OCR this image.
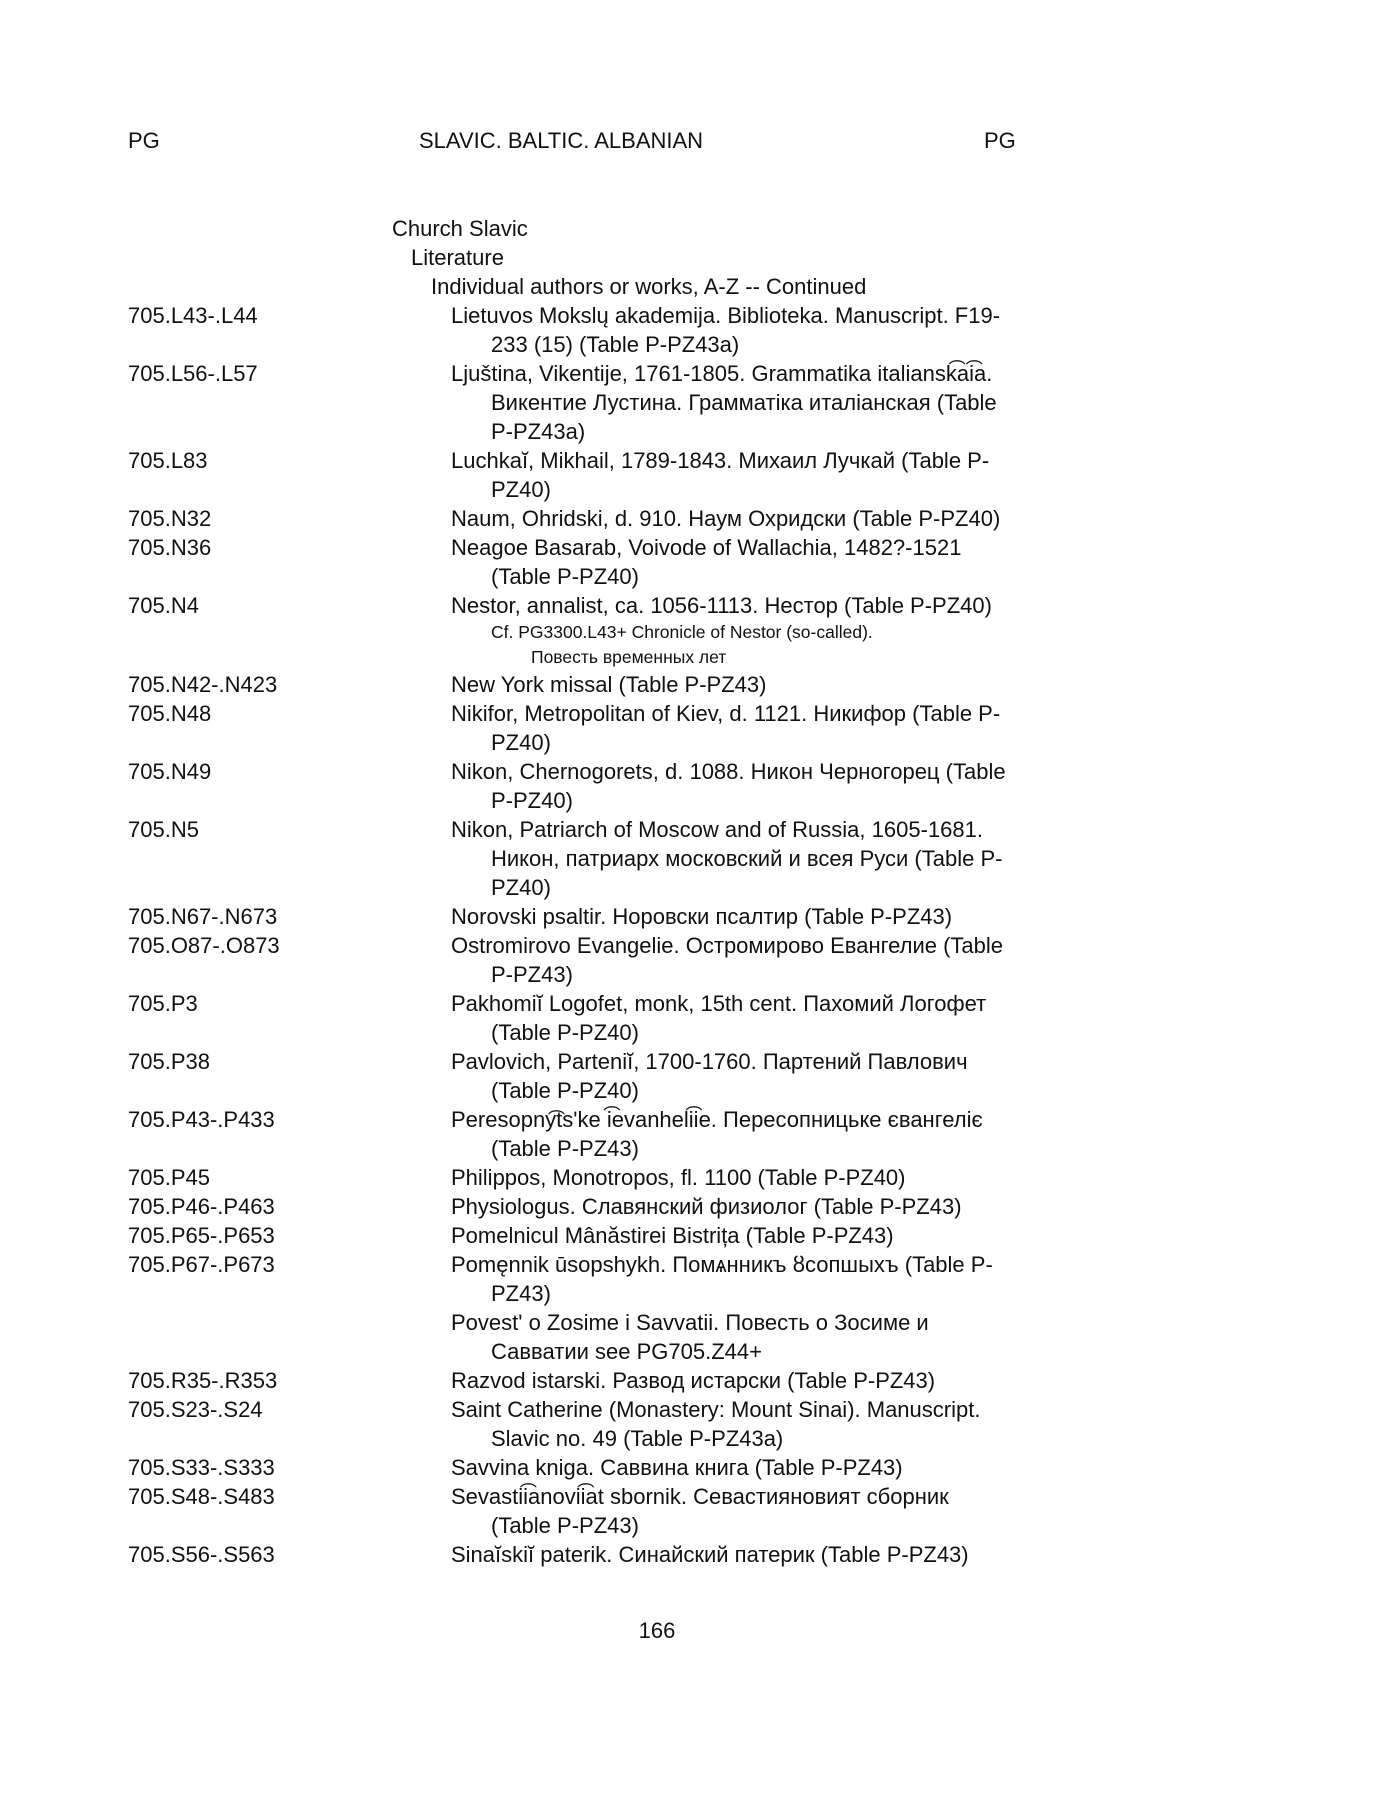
PG	SLAVIC. BALTIC. ALBANIAN	PG
Church Slavic
Literature
Individual authors or works, A-Z -- Continued
705.L43-.L44	Lietuvos Mokslų akademija. Biblioteka. Manuscript. F19-
233 (15) (Table P-PZ43a)
705.L56-.L57	Ljuština, Vikentije, 1761-1805. Grammatika italiansk͡ai͡a.
Викентие Лустина. Грамматіка италіанская (Table
P-PZ43a)
705.L83	Luchkaĭ, Mikhail, 1789-1843. Михаил Лучкай (Table P-
PZ40)
705.N32	Naum, Ohridski, d. 910. Наум Охридски (Table P-PZ40)
705.N36	Neagoe Basarab, Voivode of Wallachia, 1482?-1521
(Table P-PZ40)
705.N4	Nestor, annalist, ca. 1056-1113. Нестор (Table P-PZ40)
Cf. PG3300.L43+ Chronicle of Nestor (so-called).
Повесть временных лет
705.N42-.N423	New York missal (Table P-PZ43)
705.N48	Nikifor, Metropolitan of Kiev, d. 1121. Никифор (Table P-
PZ40)
705.N49	Nikon, Chernogorets, d. 1088. Никон Черногорец (Table
P-PZ40)
705.N5	Nikon, Patriarch of Moscow and of Russia, 1605-1681.
Никон, патриарх московский и всея Руси (Table P-
PZ40)
705.N67-.N673	Norovski psaltir. Норовски псалтир (Table P-PZ43)
705.O87-.O873	Ostromirovo Evangelie. Остромирово Евангелие (Table
P-PZ43)
705.P3	Pakhomiĭ Logofet, monk, 15th cent. Пахомий Логофет
(Table P-PZ40)
705.P38	Pavlovich, Parteniĭ, 1700-1760. Партений Павлович
(Table P-PZ40)
705.P43-.P433	Peresopny͡tsʹke i͡evanheli͡ie. Пересопницьке євангеліє
(Table P-PZ43)
705.P45	Philippos, Monotropos, fl. 1100 (Table P-PZ40)
705.P46-.P463	Physiologus. Славянский физиолог (Table P-PZ43)
705.P65-.P653	Pomelnicul Mânăstirei Bistrița (Table P-PZ43)
705.P67-.P673	Pomęnnik ūsopshykh. Помѧнникъ ȣсопшыхъ (Table P-
PZ43)
Povestʹ o Zosime i Savvatii. Повесть о Зосиме и
Савватии see PG705.Z44+
705.R35-.R353	Razvod istarski. Развод истарски (Table P-PZ43)
705.S23-.S24	Saint Catherine (Monastery: Mount Sinai). Manuscript.
Slavic no. 49 (Table P-PZ43a)
705.S33-.S333	Savvina kniga. Саввина книга (Table P-PZ43)
705.S48-.S483	Sevastii͡anovii͡at sbornik. Севастияновият сборник
(Table P-PZ43)
705.S56-.S563	Sinaĭskiĭ paterik. Синайский патерик (Table P-PZ43)
166
